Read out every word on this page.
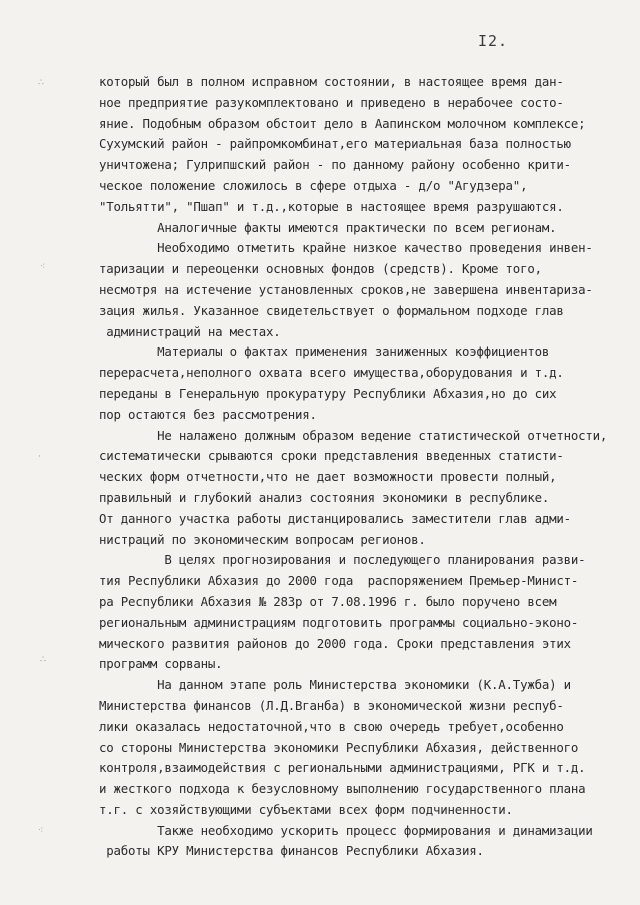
I2.
∴
⁖
·
∴
⁖
который был в полном исправном состоянии, в настоящее время дан-
ное предприятие разукомплектовано и приведено в нерабочее состо-
яние. Подобным образом обстоит дело в Аапинском молочном комплексе;
Сухумский район - райпромкомбинат,его материальная база полностью
уничтожена; Гулрипшский район - по данному району особенно крити-
ческое положение сложилось в сфере отдыха - д/о "Агудзера",
"Тольятти", "Пшап" и т.д.,которые в настоящее время разрушаются.
Аналогичные факты имеются практически по всем регионам.
Необходимо отметить крайне низкое качество проведения инвен-
таризации и переоценки основных фондов (средств). Кроме того,
несмотря на истечение установленных сроков,не завершена инвентариза-
зация жилья. Указанное свидетельствует о формальном подходе глав
администраций на местах.
Материалы о фактах применения заниженных коэффициентов
перерасчета,неполного охвата всего имущества,оборудования и т.д.
переданы в Генеральную прокуратуру Республики Абхазия,но до сих
пор остаются без рассмотрения.
Не налажено должным образом ведение статистической отчетности,
систематически срываются сроки представления введенных статисти-
ческих форм отчетности,что не дает возможности провести полный,
правильный и глубокий анализ состояния экономики в республике.
От данного участка работы дистанцировались заместители глав адми-
нистраций по экономическим вопросам регионов.
В целях прогнозирования и последующего планирования разви-
тия Республики Абхазия до 2000 года  распоряжением Премьер-Минист-
ра Республики Абхазия № 283р от 7.08.1996 г. было поручено всем
региональным администрациям подготовить программы социально-эконо-
мического развития районов до 2000 года. Сроки представления этих
программ сорваны.
На данном этапе роль Министерства экономики (К.А.Тужба) и
Министерства финансов (Л.Д.Вганба) в экономической жизни респуб-
лики оказалась недостаточной,что в свою очередь требует,особенно
со стороны Министерства экономики Республики Абхазия, действенного
контроля,взаимодействия с региональными администрациями, РГК и т.д.
и жесткого подхода к безусловному выполнению государственного плана
т.г. с хозяйствующими субъектами всех форм подчиненности.
Также необходимо ускорить процесс формирования и динамизации
работы КРУ Министерства финансов Республики Абхазия.
